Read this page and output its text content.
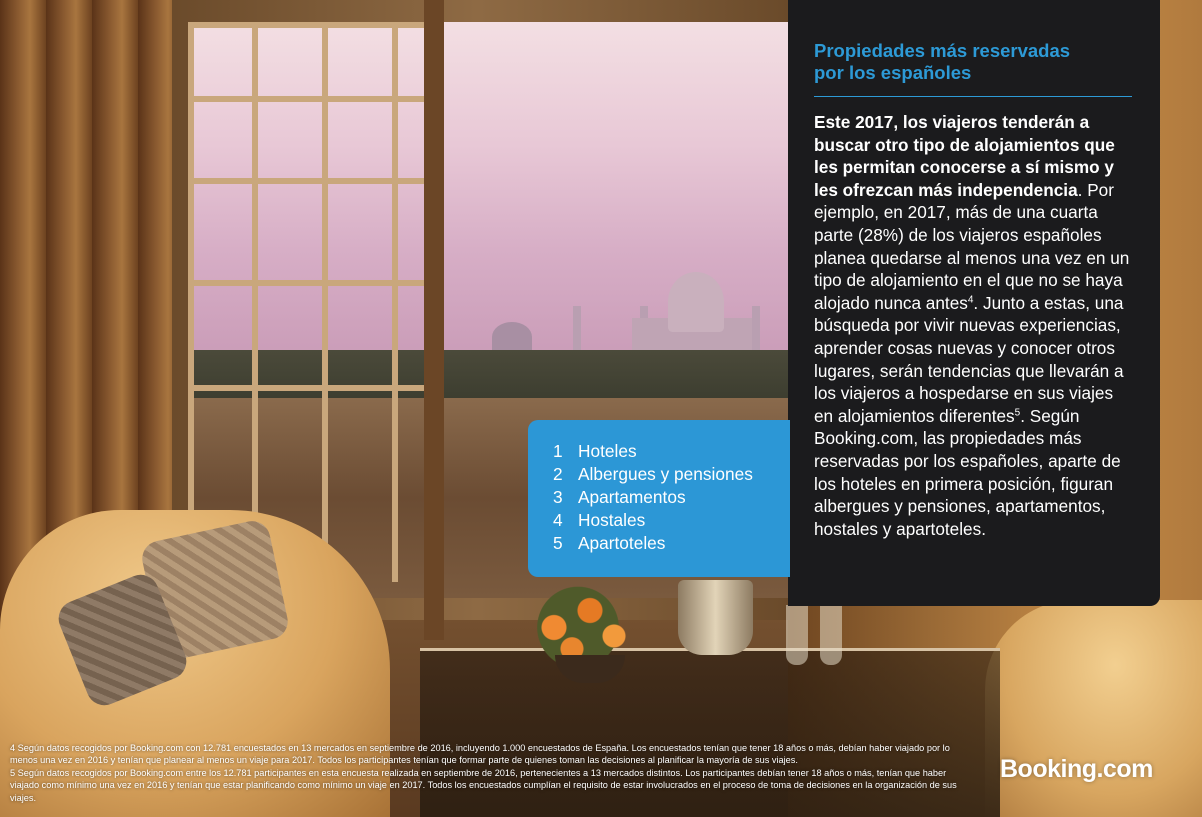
Propiedades más reservadas
por los españoles

Este 2017, los viajeros tenderán a buscar otro tipo de alojamientos que les permitan conocerse a sí mismo y les ofrezcan más independencia. Por ejemplo, en 2017, más de una cuarta parte (28%) de los viajeros españoles planea quedarse al menos una vez en un tipo de alojamiento en el que no se haya alojado nunca antes$^4$. Junto a estas, una búsqueda por vivir nuevas experiencias, aprender cosas nuevas y conocer otros lugares, serán tendencias que llevarán a los viajeros a hospedarse en sus viajes en alojamientos diferentes$^5$. Según Booking.com, las propiedades más reservadas por los españoles, aparte de los hoteles en primera posición, figuran albergues y pensiones, apartamentos, hostales y apartoteles.

1 Hoteles
2 Albergues y pensiones
3 Apartamentos
4 Hostales
5 Apartoteles

4 Según datos recogidos por Booking.com con 12.781 encuestados en 13 mercados en septiembre de 2016, incluyendo 1.000 encuestados de España. Los encuestados tenían que tener 18 años o más, debían haber viajado por lo menos una vez en 2016 y tenían que planear al menos un viaje para 2017. Todos los participantes tenían que formar parte de quienes toman las decisiones al planificar la mayoría de sus viajes.

5 Según datos recogidos por Booking.com entre los 12.781 participantes en esta encuesta realizada en septiembre de 2016, pertenecientes a 13 mercados distintos. Los participantes debían tener 18 años o más, tenían que haber viajado como mínimo una vez en 2016 y tenían que estar planificando como mínimo un viaje en 2017. Todos los encuestados cumplían el requisito de estar involucrados en el proceso de toma de decisiones en la organización de sus viajes.

Booking.com
